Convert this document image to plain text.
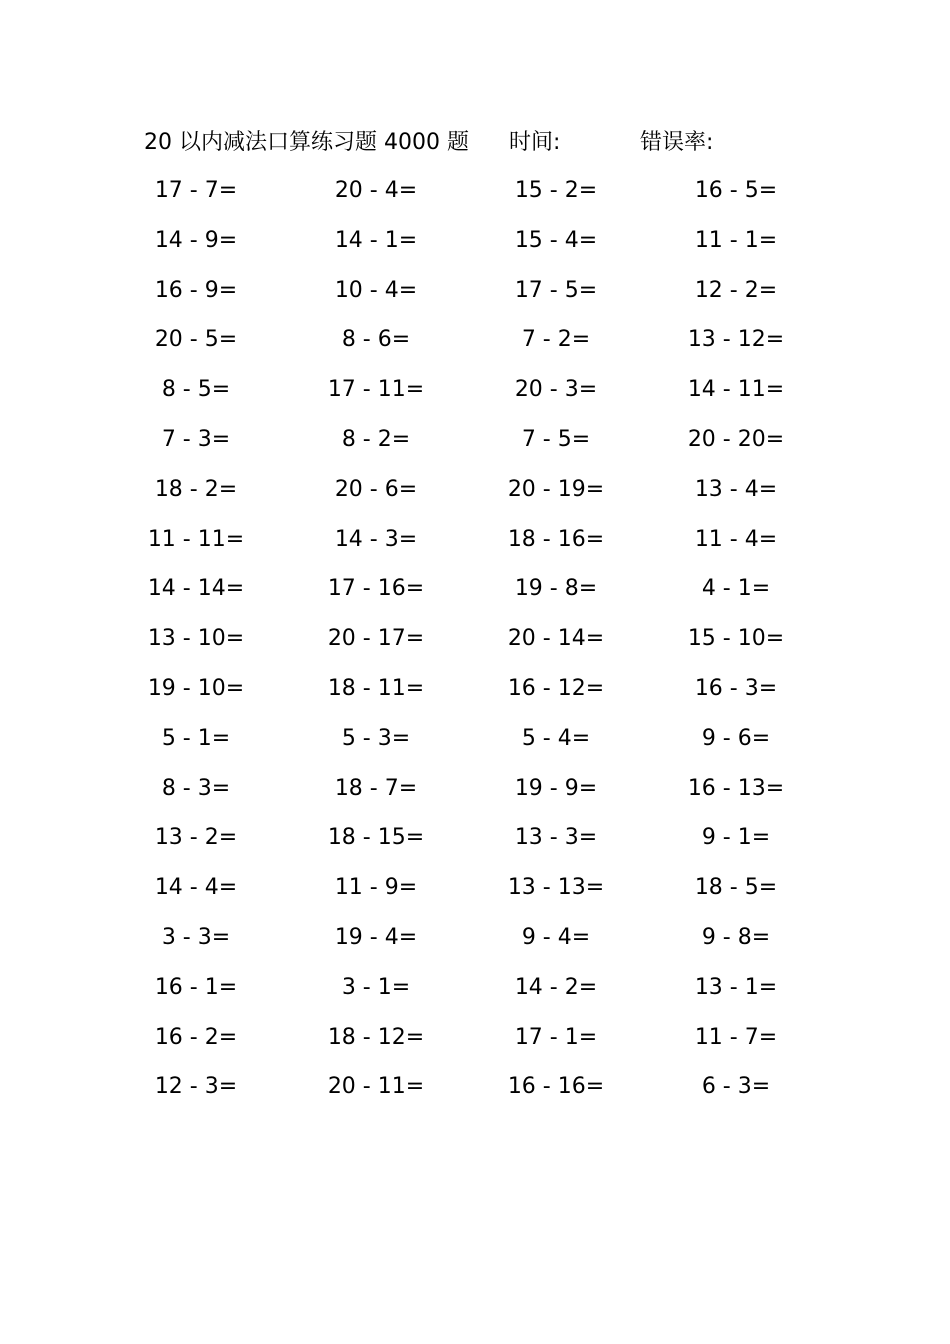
20 以内减法口算练习题 4000 题 时间:	错误率:
17 - 7=	20 - 4=	15 - 2=	16 - 5=
14 - 9=	14 - 1=	15 - 4=	11 - 1=
16 - 9=	10 - 4=	17 - 5=	12 - 2=
20 - 5=	8 - 6=	7 - 2=	13 - 12=
8 - 5=	17 - 11=	20 - 3=	14 - 11=
7 - 3=	8 - 2=	7 - 5=	20 - 20=
18 - 2=	20 - 6=	20 - 19=	13 - 4=
11 - 11=	14 - 3=	18 - 16=	11 - 4=
14 - 14=	17 - 16=	19 - 8=	4 - 1=
13 - 10=	20 - 17=	20 - 14=	15 - 10=
19 - 10=	18 - 11=	16 - 12=	16 - 3=
5 - 1=	5 - 3=	5 - 4=	9 - 6=
8 - 3=	18 - 7=	19 - 9=	16 - 13=
13 - 2=	18 - 15=	13 - 3=	9 - 1=
14 - 4=	11 - 9=	13 - 13=	18 - 5=
3 - 3=	19 - 4=	9 - 4=	9 - 8=
16 - 1=	3 - 1=	14 - 2=	13 - 1=
16 - 2=	18 - 12=	17 - 1=	11 - 7=
12 - 3=	20 - 11=	16 - 16=	6 - 3=
